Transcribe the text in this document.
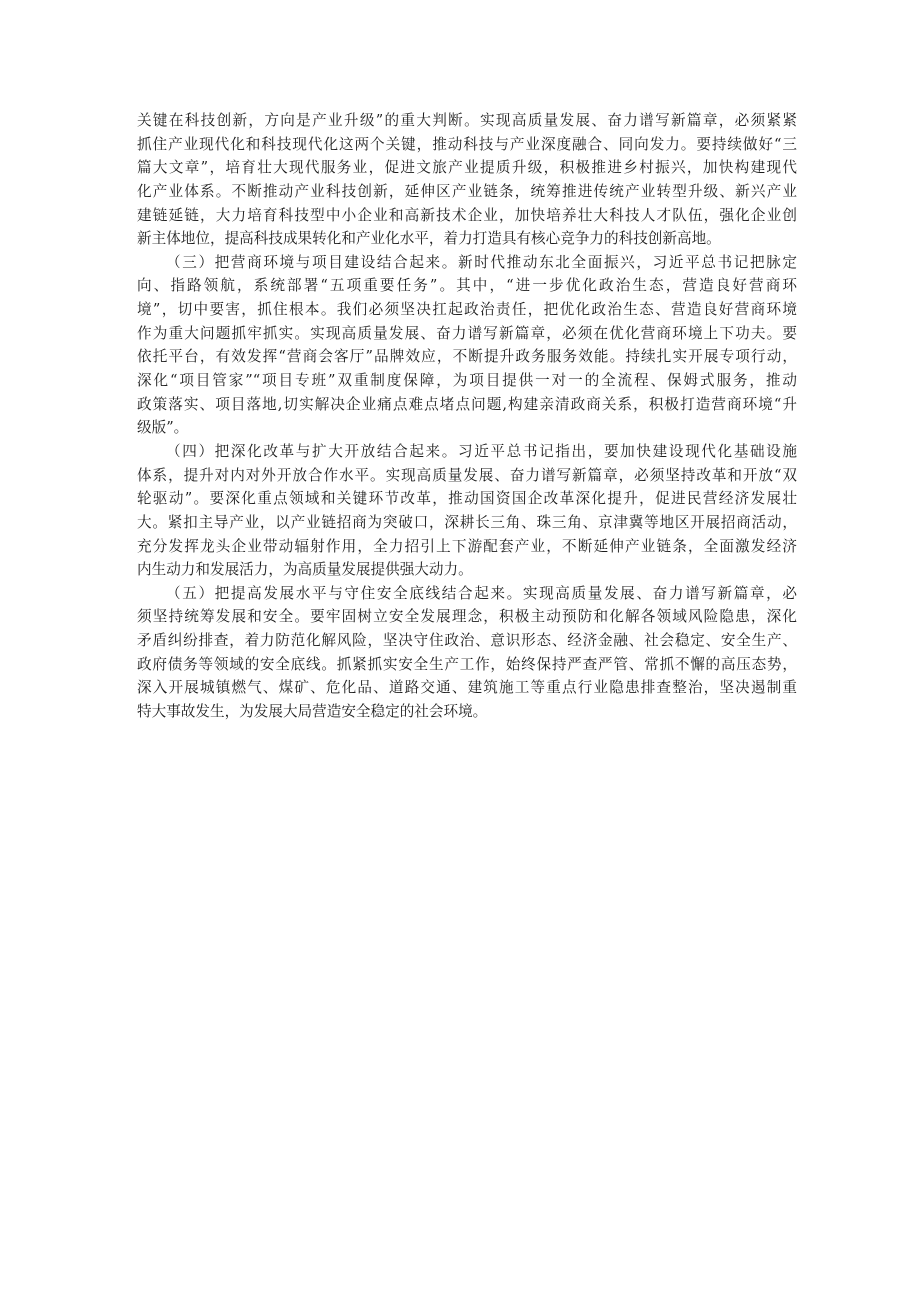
关键在科技创新，方向是产业升级”的重大判断。实现高质量发展、奋力谱写新篇章，必须紧紧
抓住产业现代化和科技现代化这两个关键，推动科技与产业深度融合、同向发力。要持续做好“三
篇大文章”，培育壮大现代服务业，促进文旅产业提质升级，积极推进乡村振兴，加快构建现代
化产业体系。不断推动产业科技创新，延伸区产业链条，统筹推进传统产业转型升级、新兴产业
建链延链，大力培育科技型中小企业和高新技术企业，加快培养壮大科技人才队伍，强化企业创
新主体地位，提高科技成果转化和产业化水平，着力打造具有核心竞争力的科技创新高地。
（三）把营商环境与项目建设结合起来。新时代推动东北全面振兴，习近平总书记把脉定
向、指路领航，系统部署“五项重要任务”。其中，“进一步优化政治生态，营造良好营商环
境”，切中要害，抓住根本。我们必须坚决扛起政治责任，把优化政治生态、营造良好营商环境
作为重大问题抓牢抓实。实现高质量发展、奋力谱写新篇章，必须在优化营商环境上下功夫。要
依托平台，有效发挥“营商会客厅”品牌效应，不断提升政务服务效能。持续扎实开展专项行动，
深化“项目管家”“项目专班”双重制度保障，为项目提供一对一的全流程、保姆式服务，推动
政策落实、项目落地,切实解决企业痛点难点堵点问题,构建亲清政商关系，积极打造营商环境“升
级版”。
（四）把深化改革与扩大开放结合起来。习近平总书记指出，要加快建设现代化基础设施
体系，提升对内对外开放合作水平。实现高质量发展、奋力谱写新篇章，必须坚持改革和开放“双
轮驱动”。要深化重点领域和关键环节改革，推动国资国企改革深化提升，促进民营经济发展壮
大。紧扣主导产业，以产业链招商为突破口，深耕长三角、珠三角、京津冀等地区开展招商活动，
充分发挥龙头企业带动辐射作用，全力招引上下游配套产业，不断延伸产业链条，全面激发经济
内生动力和发展活力，为高质量发展提供强大动力。
（五）把提高发展水平与守住安全底线结合起来。实现高质量发展、奋力谱写新篇章，必
须坚持统筹发展和安全。要牢固树立安全发展理念，积极主动预防和化解各领域风险隐患，深化
矛盾纠纷排查，着力防范化解风险，坚决守住政治、意识形态、经济金融、社会稳定、安全生产、
政府债务等领域的安全底线。抓紧抓实安全生产工作，始终保持严查严管、常抓不懈的高压态势，
深入开展城镇燃气、煤矿、危化品、道路交通、建筑施工等重点行业隐患排查整治，坚决遏制重
特大事故发生，为发展大局营造安全稳定的社会环境。
